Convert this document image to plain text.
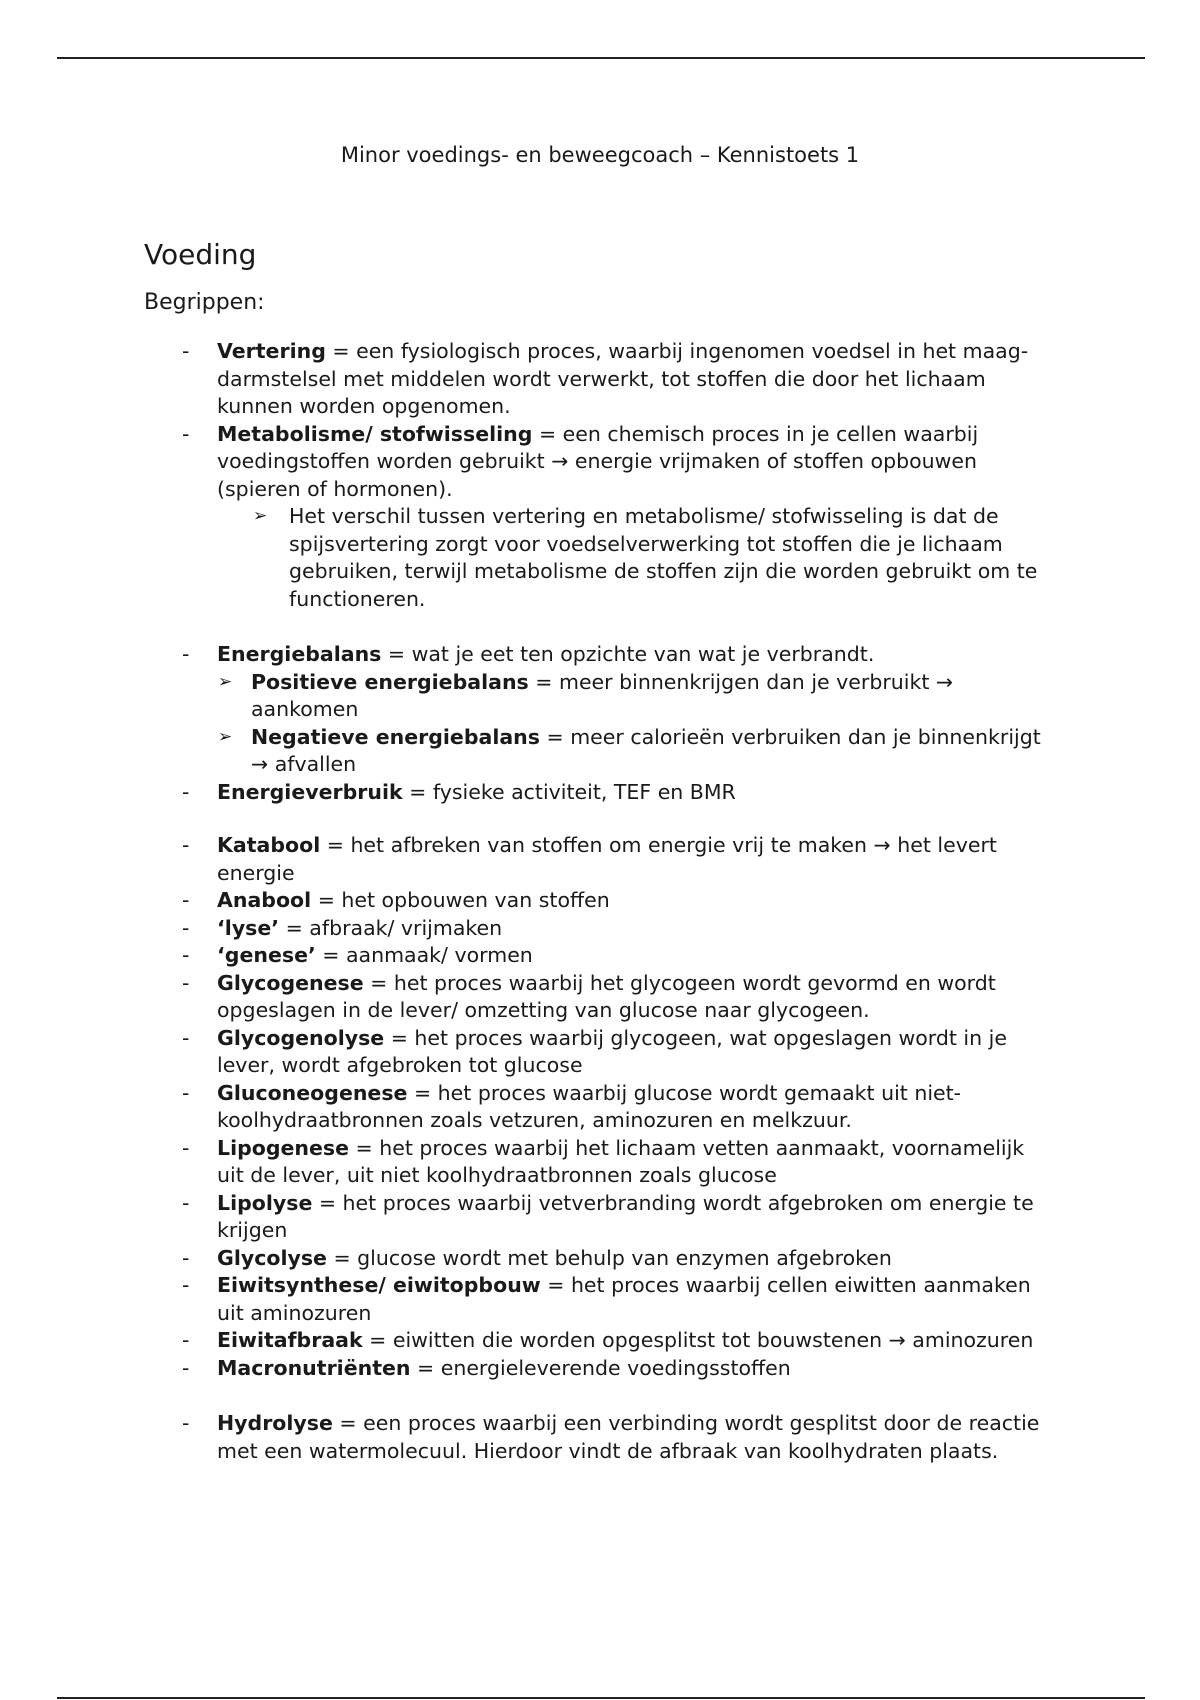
Minor voedings- en beweegcoach – Kennistoets 1
Voeding
Begrippen:
- Vertering = een fysiologisch proces, waarbij ingenomen voedsel in het maag-darmstelsel met middelen wordt verwerkt, tot stoffen die door het lichaam kunnen worden opgenomen.
- Metabolisme/ stofwisseling = een chemisch proces in je cellen waarbij voedingstoffen worden gebruikt → energie vrijmaken of stoffen opbouwen (spieren of hormonen).
➢ Het verschil tussen vertering en metabolisme/ stofwisseling is dat de spijsvertering zorgt voor voedselverwerking tot stoffen die je lichaam gebruiken, terwijl metabolisme de stoffen zijn die worden gebruikt om te functioneren.
- Energiebalans = wat je eet ten opzichte van wat je verbrandt.
➢ Positieve energiebalans = meer binnenkrijgen dan je verbruikt → aankomen
➢ Negatieve energiebalans = meer calorieën verbruiken dan je binnenkrijgt → afvallen
- Energieverbruik = fysieke activiteit, TEF en BMR
- Katabool = het afbreken van stoffen om energie vrij te maken → het levert energie
- Anabool = het opbouwen van stoffen
- ‘lyse’ = afbraak/ vrijmaken
- ‘genese’ = aanmaak/ vormen
- Glycogenese = het proces waarbij het glycogeen wordt gevormd en wordt opgeslagen in de lever/ omzetting van glucose naar glycogeen.
- Glycogenolyse = het proces waarbij glycogeen, wat opgeslagen wordt in je lever, wordt afgebroken tot glucose
- Gluconeogenese = het proces waarbij glucose wordt gemaakt uit niet-koolhydraatbronnen zoals vetzuren, aminozuren en melkzuur.
- Lipogenese = het proces waarbij het lichaam vetten aanmaakt, voornamelijk uit de lever, uit niet koolhydraatbronnen zoals glucose
- Lipolyse = het proces waarbij vetverbranding wordt afgebroken om energie te krijgen
- Glycolyse = glucose wordt met behulp van enzymen afgebroken
- Eiwitsynthese/ eiwitopbouw = het proces waarbij cellen eiwitten aanmaken uit aminozuren
- Eiwitafbraak = eiwitten die worden opgesplitst tot bouwstenen → aminozuren
- Macronutriënten = energieleverende voedingsstoffen
- Hydrolyse = een proces waarbij een verbinding wordt gesplitst door de reactie met een watermolecuul. Hierdoor vindt de afbraak van koolhydraten plaats.
